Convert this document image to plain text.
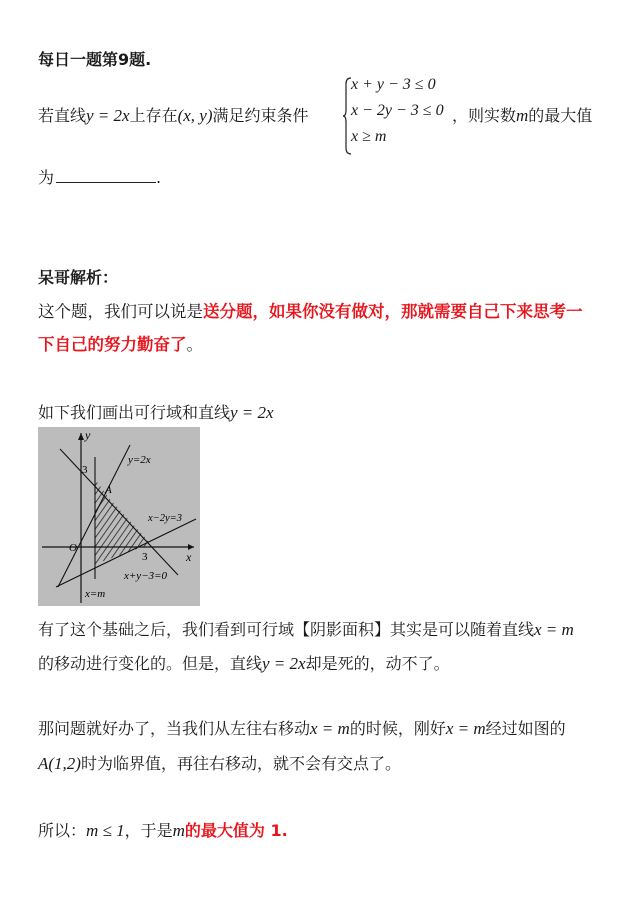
每日一题第9题.
若直线y = 2x上存在(x, y)满足约束条件
x + y − 3 ≤ 0
x − 2y − 3 ≤ 0
x ≥ m
，则实数m的最大值
为	.
呆哥解析：
这个题，我们可以说是送分题，如果你没有做对，那就需要自己下来思考一
下自己的努力勤奋了。
如下我们画出可行域和直线y = 2x
y
x
3
y=2x
A
x−2y=3
O
3
x+y−3=0
x=m
有了这个基础之后，我们看到可行域【阴影面积】其实是可以随着直线x = m
的移动进行变化的。但是，直线y = 2x却是死的，动不了。
那问题就好办了，当我们从左往右移动x = m的时候，刚好x = m经过如图的
A(1,2)时为临界值，再往右移动，就不会有交点了。
所以：m ≤ 1，于是m的最大值为 1.
